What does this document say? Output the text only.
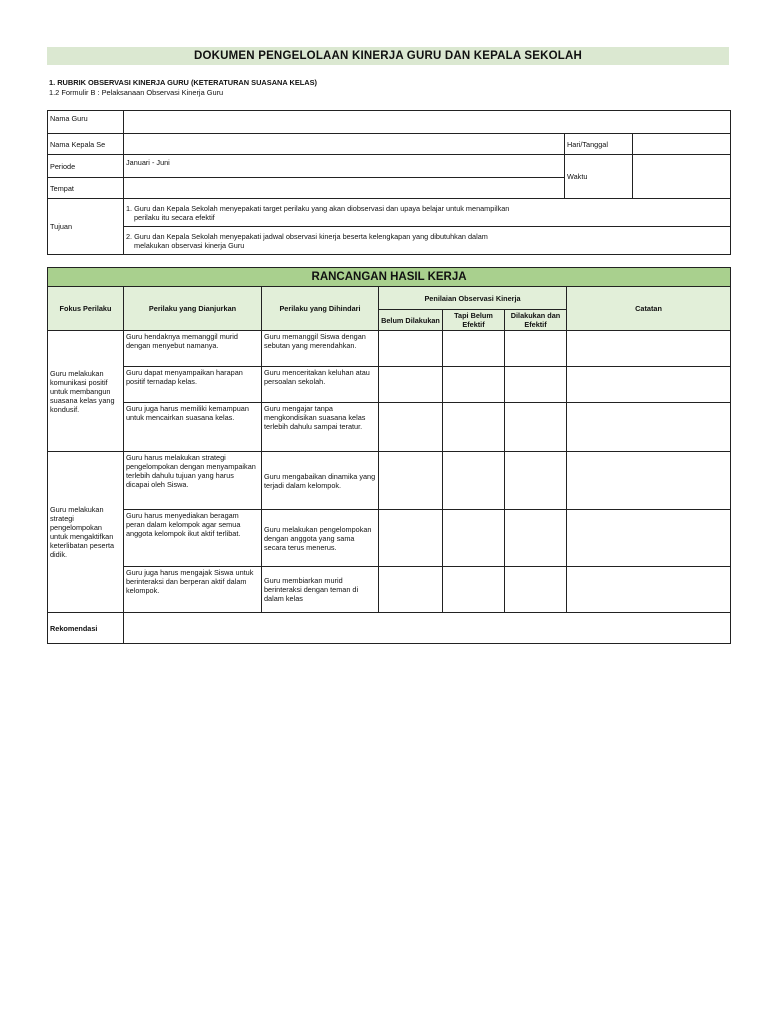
DOKUMEN PENGELOLAAN KINERJA GURU DAN KEPALA SEKOLAH
1. RUBRIK OBSERVASI KINERJA GURU (KETERATURAN SUASANA KELAS)
1.2 Formulir B : Pelaksanaan Observasi Kinerja Guru
Nama Guru			
Nama Kepala Se		Hari/Tanggal	
Periode	Januari - Juni	Waktu	
Tempat			
Tujuan	1. Guru dan Kepala Sekolah menyepakati target perilaku yang akan diobservasi dan upaya belajar untuk menampilkan
perilaku itu secara efektif		

	2. Guru dan Kepala Sekolah menyepakati jadwal observasi kinerja beserta kelengkapan yang dibutuhkan dalam
melakukan observasi kinerja Guru		
RANCANGAN HASIL KERJA						
Fokus Perilaku	Perilaku yang Dianjurkan	Perilaku yang Dihindari	Penilaian Observasi Kinerja			Catatan
			Belum Dilakukan	Tapi Belum Efektif	Dilakukan dan Efektif	
Guru melakukan komunikasi positif untuk membangun suasana kelas yang kondusif.	Guru hendaknya memanggil murid dengan menyebut namanya.	Guru memanggil Siswa dengan sebutan yang merendahkan.				
	Guru dapat menyampaikan harapan positif ternadap kelas.	Guru menceritakan keluhan atau persoalan sekolah.				
	Guru juga harus memiliki kemampuan untuk mencairkan suasana kelas.	Guru mengajar tanpa mengkondisikan suasana kelas terlebih dahulu sampai teratur.				
Guru melakukan strategi pengelompokan untuk mengaktifkan keterlibatan peserta didik.	Guru harus melakukan strategi pengelompokan dengan menyampaikan terlebih dahulu tujuan yang harus dicapai oleh Siswa.	Guru mengabaikan dinamika yang terjadi dalam kelompok.				
	Guru harus menyediakan beragam peran dalam kelompok agar semua anggota kelompok ikut aktif terlibat.	Guru melakukan pengelompokan dengan anggota yang sama secara terus menerus.				
	Guru juga harus mengajak Siswa untuk berinteraksi dan berperan aktif dalam kelompok.	Guru membiarkan murid berinteraksi dengan teman di dalam kelas				
Rekomendasi						
